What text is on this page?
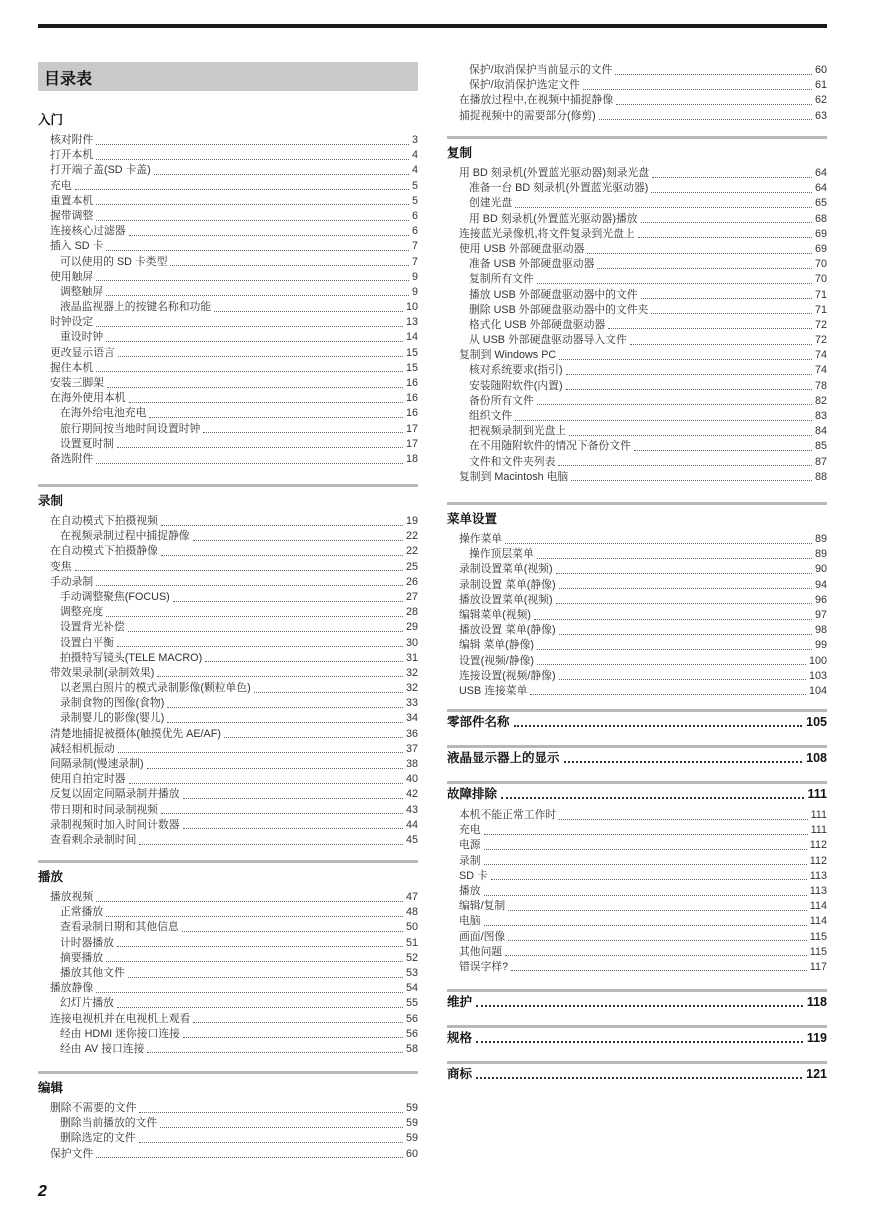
目录表
入门
核对附件	3
打开本机	4
打开端子盖(SD 卡盖)	4
充电	5
重置本机	5
握带调整	6
连接核心过滤器	6
插入 SD 卡	7
可以使用的 SD 卡类型	7
使用触屏	9
调整触屏	9
液晶监视器上的按键名称和功能	10
时钟设定	13
重设时钟	14
更改显示语言	15
握住本机	15
安装三脚架	16
在海外使用本机	16
在海外给电池充电	16
旅行期间按当地时间设置时钟	17
设置夏时制	17
备选附件	18
录制
在自动模式下拍摄视频	19
在视频录制过程中捕捉静像	22
在自动模式下拍摄静像	22
变焦	25
手动录制	26
手动调整聚焦(FOCUS)	27
调整亮度	28
设置背光补偿	29
设置白平衡	30
拍摄特写镜头(TELE MACRO)	31
带效果录制(录制效果)	32
以老黑白照片的模式录制影像(颗粒单色)	32
录制食物的图像(食物)	33
录制婴儿的影像(婴儿)	34
清楚地捕捉被摄体(触摸优先 AE/AF)	36
减轻相机振动	37
间隔录制(慢速录制)	38
使用自拍定时器	40
反复以固定间隔录制并播放	42
带日期和时间录制视频	43
录制视频时加入时间计数器	44
查看剩余录制时间	45
播放
播放视频	47
正常播放	48
查看录制日期和其他信息	50
计时器播放	51
摘要播放	52
播放其他文件	53
播放静像	54
幻灯片播放	55
连接电视机并在电视机上观看	56
经由 HDMI 迷你接口连接	56
经由 AV 接口连接	58
编辑
删除不需要的文件	59
删除当前播放的文件	59
删除选定的文件	59
保护文件	60
保护/取消保护当前显示的文件	60
保护/取消保护选定文件	61
在播放过程中,在视频中捕捉静像	62
捕捉视频中的需要部分(修剪)	63
复制
用 BD 刻录机(外置蓝光驱动器)刻录光盘	64
准备一台 BD 刻录机(外置蓝光驱动器)	64
创建光盘	65
用 BD 刻录机(外置蓝光驱动器)播放	68
连接蓝光录像机,将文件复录到光盘上	69
使用 USB 外部硬盘驱动器	69
准备 USB 外部硬盘驱动器	70
复制所有文件	70
播放 USB 外部硬盘驱动器中的文件	71
删除 USB 外部硬盘驱动器中的文件夹	71
格式化 USB 外部硬盘驱动器	72
从 USB 外部硬盘驱动器导入文件	72
复制到 Windows PC	74
核对系统要求(指引)	74
安装随附软件(内置)	78
备份所有文件	82
组织文件	83
把视频录制到光盘上	84
在不用随附软件的情况下备份文件	85
文件和文件夹列表	87
复制到 Macintosh 电脑	88
菜单设置
操作菜单	89
操作顶层菜单	89
录制设置菜单(视频)	90
录制设置 菜单(静像)	94
播放设置菜单(视频)	96
编辑菜单(视频)	97
播放设置 菜单(静像)	98
编辑 菜单(静像)	99
设置(视频/静像)	100
连接设置(视频/静像)	103
USB 连接菜单	104
零部件名称	105
液晶显示器上的显示	108
故障排除	111
本机不能正常工作时	111
充电	111
电源	112
录制	112
SD 卡	113
播放	113
编辑/复制	114
电脑	114
画面/图像	115
其他问题	115
错误字样?	117
维护	118
规格	119
商标	121
2
